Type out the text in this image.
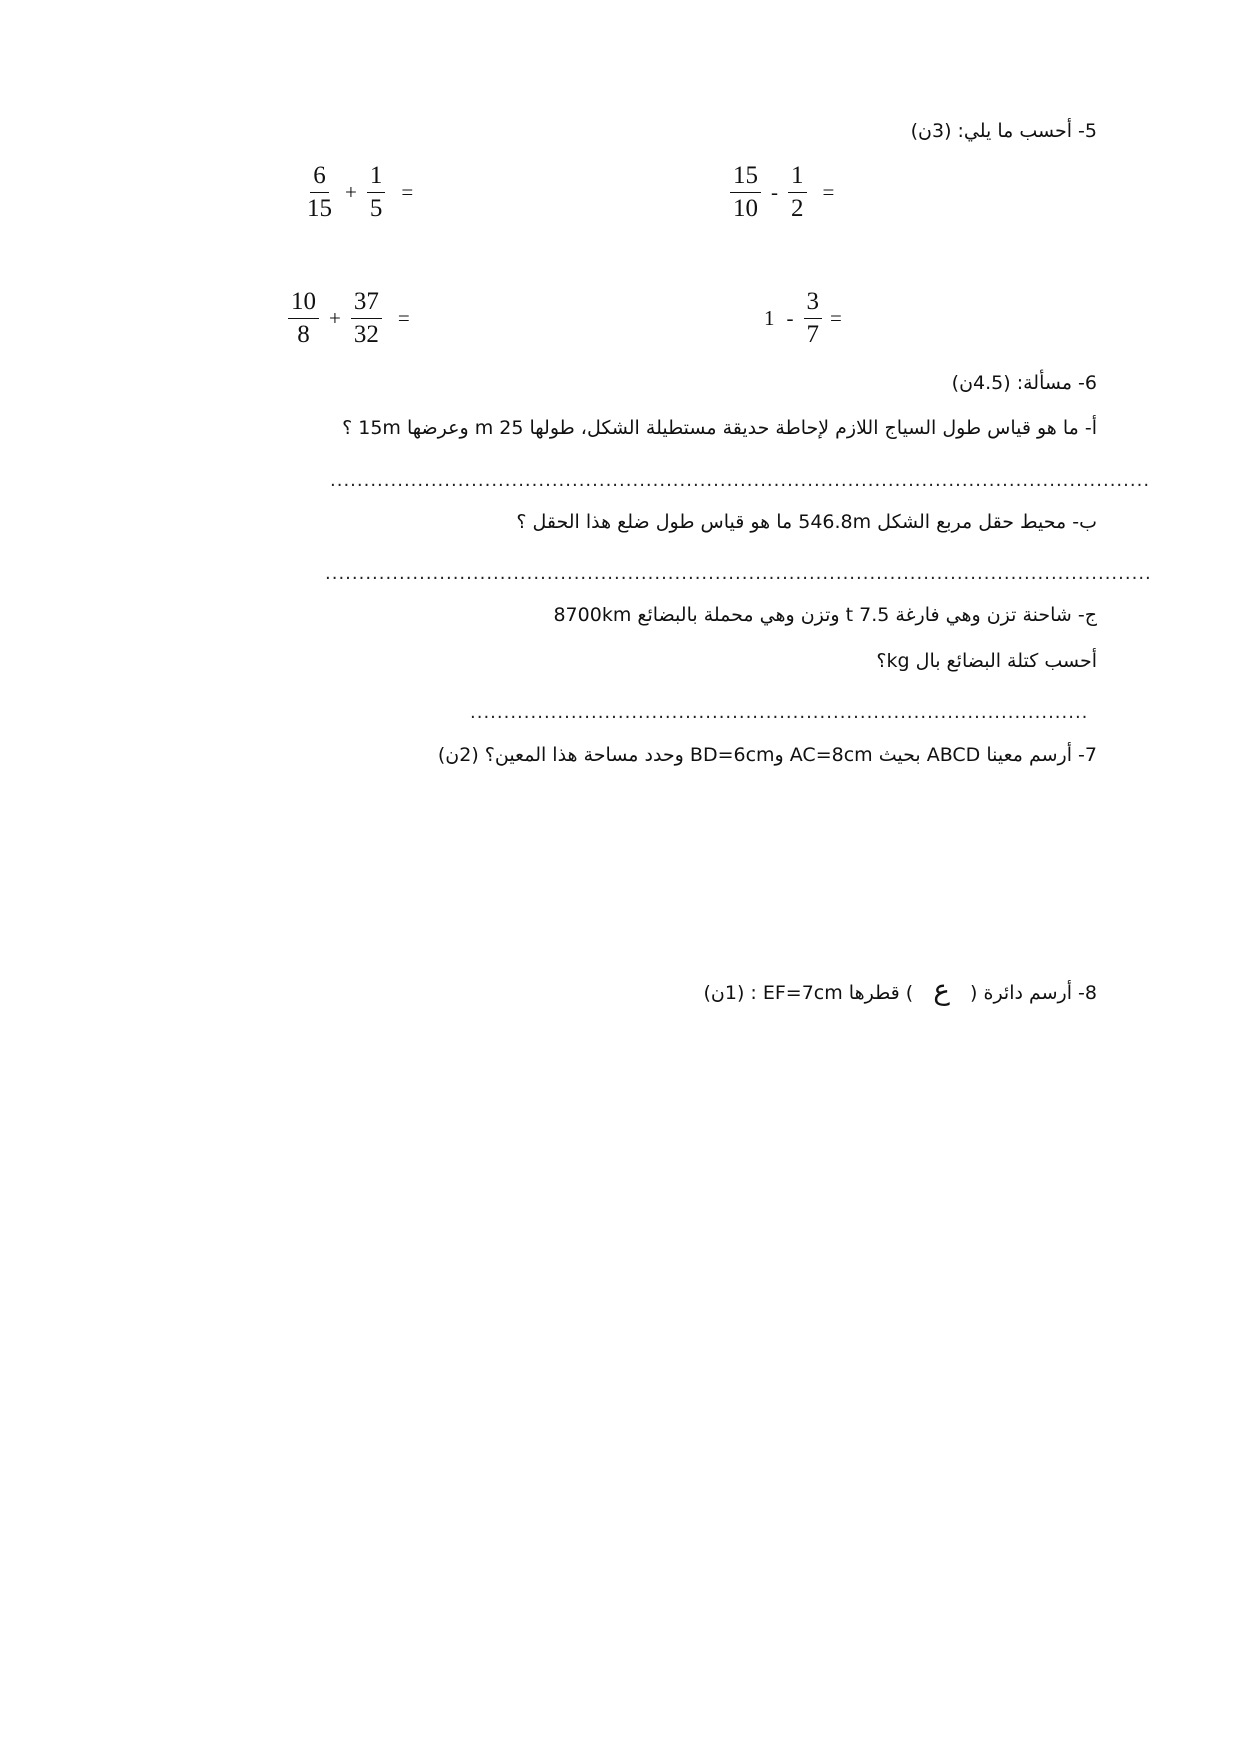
5- أحسب ما يلي: (3ن)
$\frac{6}{15} + \frac{1}{5}$ =	$\frac{15}{10} - \frac{1}{2}$ =
$\frac{10}{8} + \frac{37}{32}$ =	$1 - \frac{3}{7}$ =
6- مسألة: (4.5ن)
أ- ما هو قياس طول السياج اللازم لإحاطة حديقة مستطيلة الشكل، طولها 25 m وعرضها 15m ؟
..........................................................................................................................
ب- محيط حقل مربع الشكل 546.8m ما هو قياس طول ضلع هذا الحقل ؟
...........................................................................................................................
ج- شاحنة تزن وهي فارغة 7.5 t وتزن وهي محملة بالبضائع 8700km
أحسب كتلة البضائع بال kg؟
............................................................................................
7- أرسم معينا ABCD بحيث AC=8cm وBD=6cm وحدد مساحة هذا المعين؟ (2ن)
8- أرسم دائرة ( ع ) قطرها EF=7cm : (1ن)
